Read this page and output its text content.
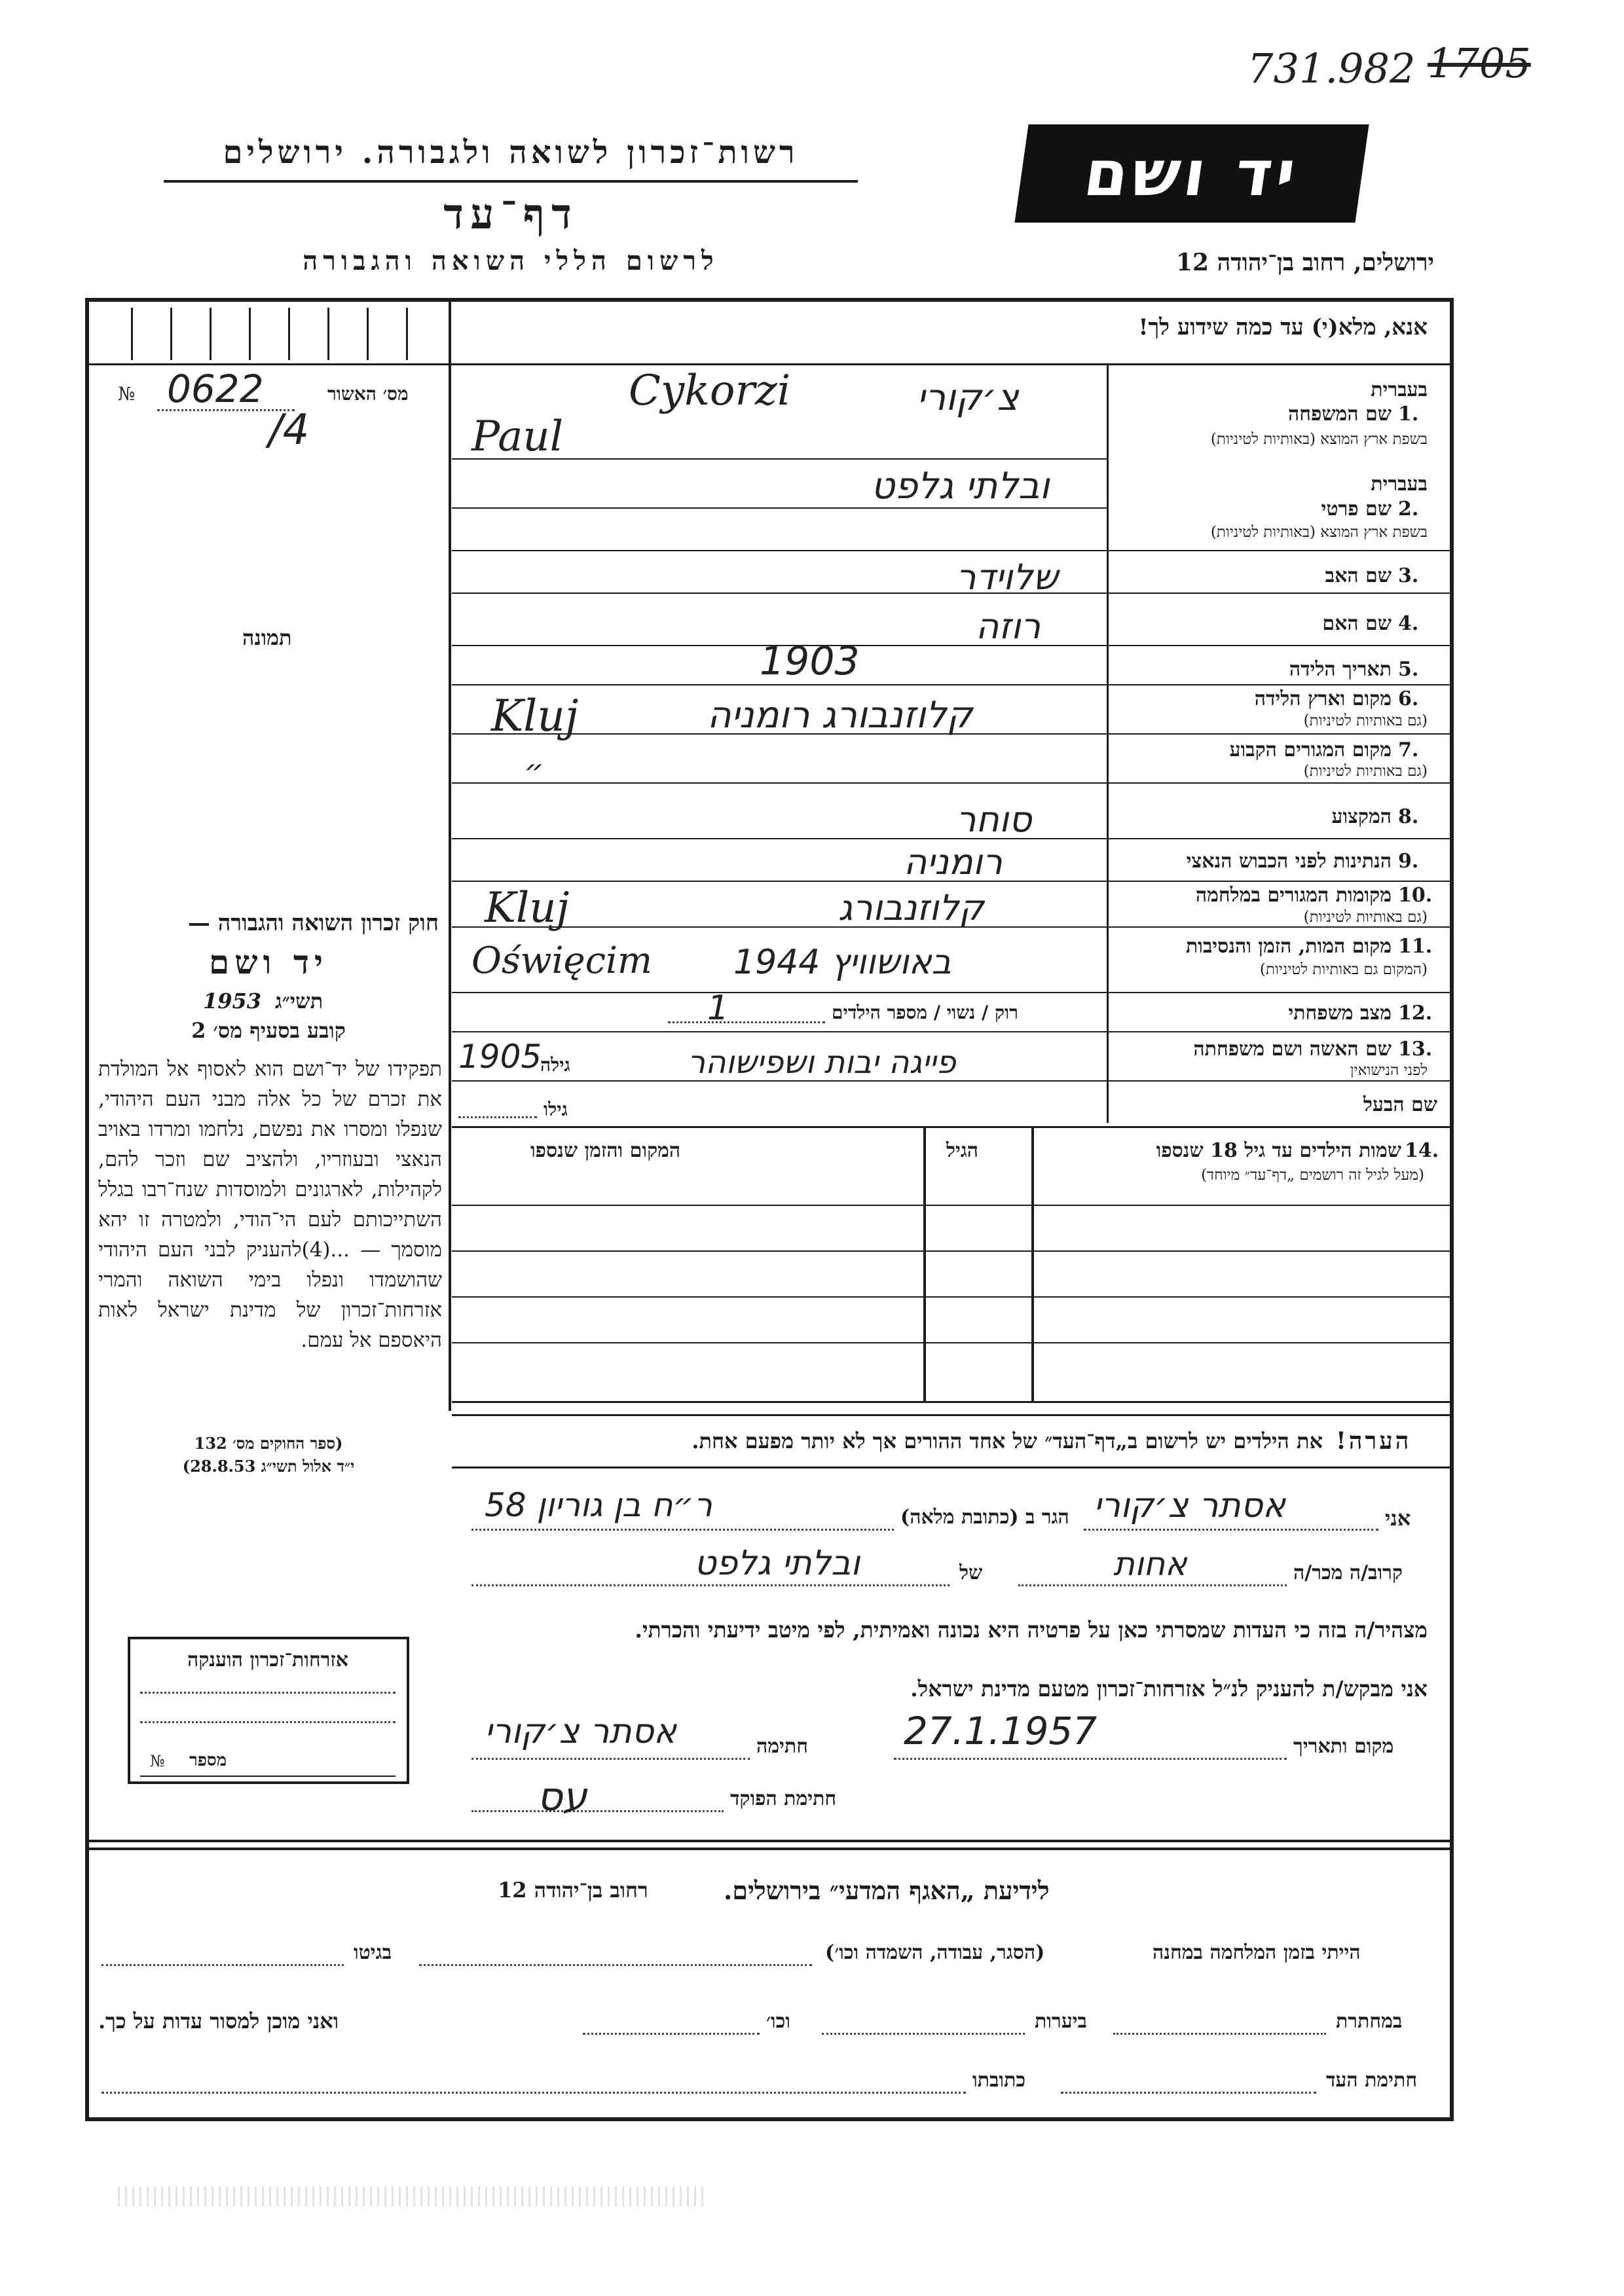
731.982 1705
רשות־זכרון לשואה ולגבורה. ירושלים
דף־עד
לרשום הללי השואה והגבורה
יד ושם
ירושלים, רחוב בן־יהודה 12
№ 0622
/4
מס׳ האשור
תמונה
אנא, מלא(י) עד כמה שידוע לך!
1.
בעברית
שם המשפחה
בשפת ארץ המוצא (באותיות לטיניות)
צ׳קורי
Cykorzi
Paul
2.
בעברית
שם פרטי
בשפת ארץ המוצא (באותיות לטיניות)
ובלתי גלפט
3.
שם האב
שלוידר
4.
שם האם
רוזה
5.
תאריך הלידה
1903
6.
מקום וארץ הלידה
(גם באותיות לטיניות)
קלוזנבורג רומניה
Kluj
7.
מקום המגורים הקבוע
(גם באותיות לטיניות)
״
8.
המקצוע
סוחר
9.
הנתינות לפני הכבוש הנאצי
רומניה
10.
מקומות המגורים במלחמה
(גם באותיות לטיניות)
קלוזנבורג
Kluj
11.
מקום המות, הזמן והנסיבות
(המקום גם באותיות לטיניות)
באושוויץ 1944
Oświęcim
12.
מצב משפחתי
רוק / נשוי / מספר הילדים
1
13.
שם האשה ושם משפחתה
לפני הנישואין
פייגה יבות ושפישוהר
1905
גילה
שם הבעל
גילו
14.
שמות הילדים עד גיל 18 שנספו
(מעל לגיל זה רושמים „דף־עד״ מיוחד)
הגיל
המקום והזמן שנספו
חוק זכרון השואה והגבורה —
יד ושם
תשי״ג
1953
קובע בסעיף מס׳ 2
תפקידו של יד־ושם הוא לאסוף אל המולדת את זכרם של כל אלה מבני העם היהודי, שנפלו ומסרו את נפשם, נלחמו ומרדו באויב הנאצי ובעוזריו, ולהציב שם וזכר להם, לקהילות, לארגונים ולמוסדות שנח־רבו בגלל השתייכותם לעם הי־הודי, ולמטרה זו יהא מוסמך — ...(4)להעניק לבני העם היהודי שהושמדו ונפלו בימי השואה והמרי אזרחות־זכרון של מדינת ישראל לאות היאספם אל עמם.
(ספר החוקים מס׳ 132
י״ד אלול תשי״ג 28.8.53)
הערה!
את הילדים יש לרשום ב„דף־העד״ של אחד ההורים אך לא יותר מפעם אחת.
אני
אסתר צ׳קורי
הגר ב (כתובת מלאה)
ר״ח בן גוריון 58
קרוב/ה מכר/ה
אחות
של
ובלתי גלפט
מצהיר/ה בזה כי העדות שמסרתי כאן על פרטיה היא נכונה ואמיתית, לפי מיטב ידיעתי והכרתי.
אני מבקש/ת להעניק לנ״ל אזרחות־זכרון מטעם מדינת ישראל.
מקום ותאריך
27.1.1957
חתימה
אסתר צ׳קורי
חתימת הפוקד
עס
אזרחות־זכרון הוענקה
מספר
№
לידיעת „האגף המדעי״ בירושלים.
רחוב בן־יהודה 12
הייתי בזמן המלחמה במחנה
(הסגר, עבודה, השמדה וכו׳)
בגיטו
במחתרת
ביערות
וכו׳
ואני מוכן למסור עדות על כך.
חתימת העד
כתובתו
